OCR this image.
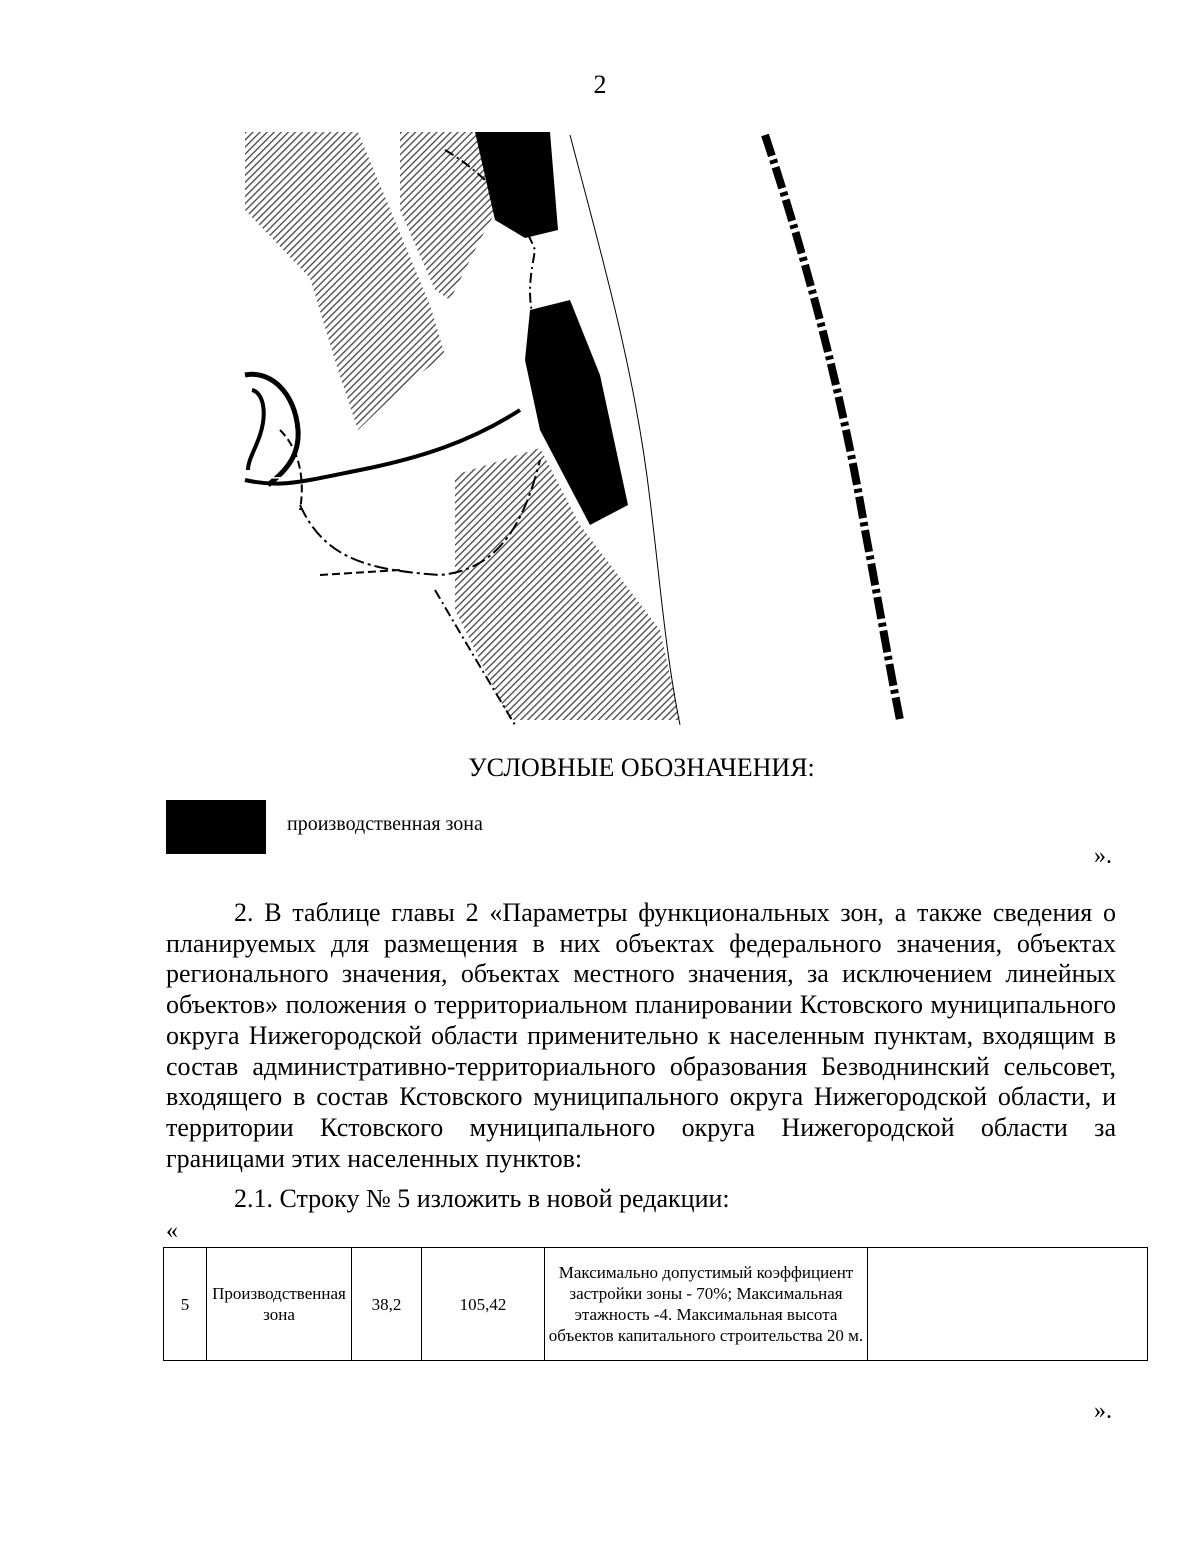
2
УСЛОВНЫЕ ОБОЗНАЧЕНИЯ:
производственная зона
».

2. В таблице главы 2 «Параметры функциональных зон, а также сведения о планируемых для размещения в них объектах федерального значения, объектах регионального значения, объектах местного значения, за исключением линейных объектов» положения о территориальном планировании Кстовского муниципального округа Нижегородской области применительно к населенным пунктам, входящим в состав административно-территориального образования Безводнинский сельсовет, входящего в состав Кстовского муниципального округа Нижегородской области, и территории Кстовского муниципального округа Нижегородской области за границами этих населенных пунктов:

2.1. Строку № 5 изложить в новой редакции:
«
5	Производственная зона	38,2	105,42	Максимально допустимый коэффициент застройки зоны - 70%; Максимальная этажность -4. Максимальная высота объектов капитального строительства 20 м.	
».
